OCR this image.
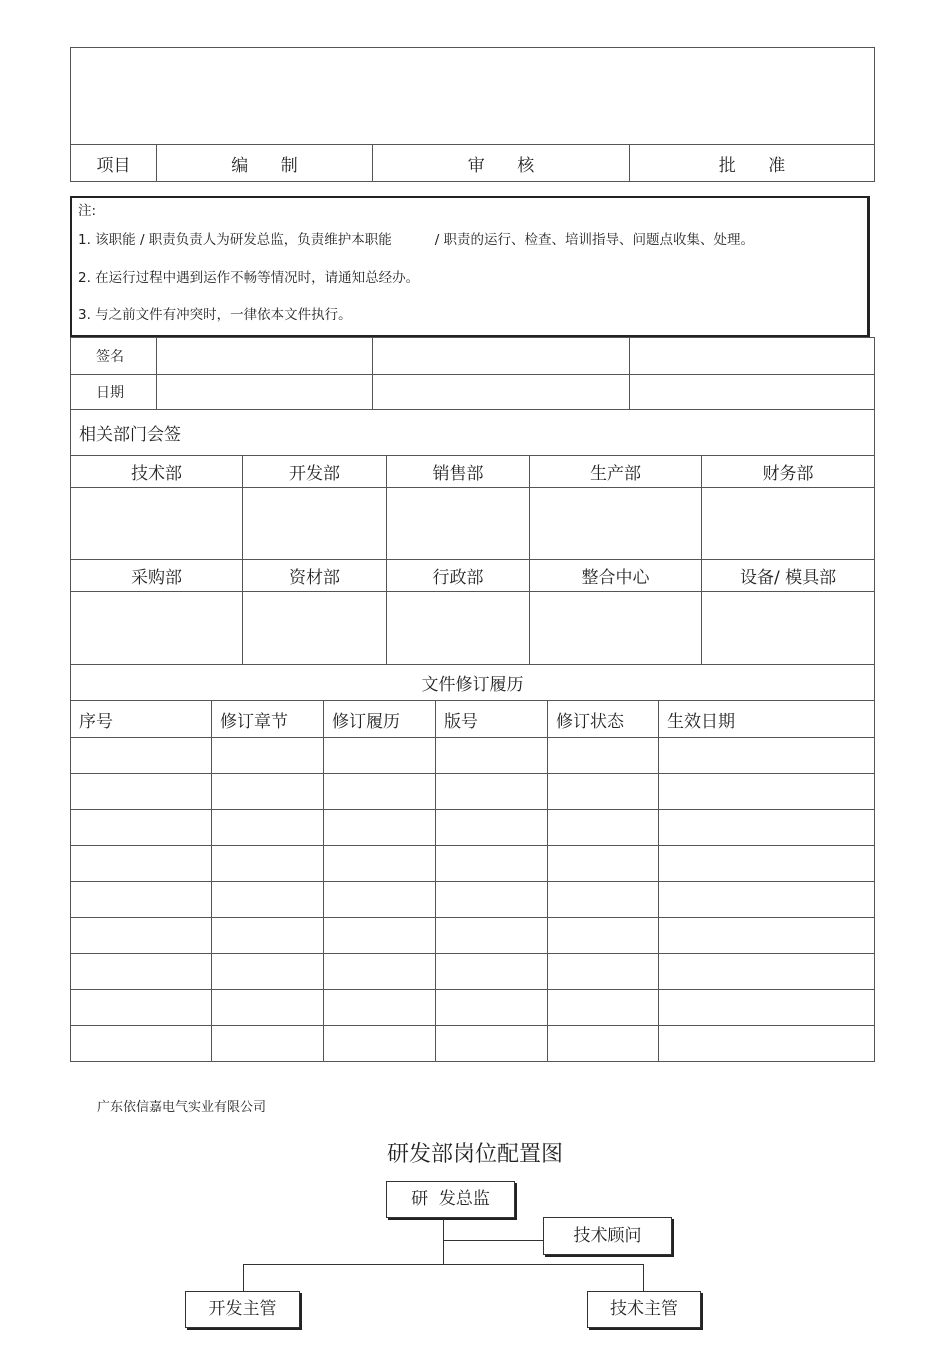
项目	编      制	审      核	批      准
注:
1. 该职能 / 职责负责人为研发总监，负责维护本职能          / 职责的运行、检查、培训指导、问题点收集、处理。
2. 在运行过程中遇到运作不畅等情况时，请通知总经办。
3. 与之前文件有冲突时，一律依本文件执行。
签名			
日期			
相关部门会签				
技术部	开发部	销售部	生产部	财务部

采购部	资材部	行政部	整合中心	设备/ 模具部

文件修订履历					
序号	修订章节	修订履历	版号	修订状态	生效日期

广东依信嘉电气实业有限公司
研发部岗位配置图
研  发总监
技术顾问
开发主管	技术主管
